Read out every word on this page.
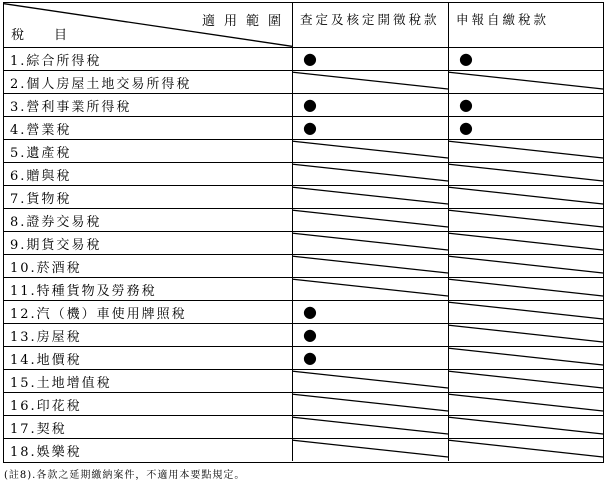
適用範圍
稅目
查定及核定開徵稅款	申報自繳稅款
1.綜合所得稅	●	●
2.個人房屋土地交易所得稅
3.營利事業所得稅	●	●
4.營業稅	●	●
5.遺產稅
6.贈與稅
7.貨物稅
8.證券交易稅
9.期貨交易稅
10.菸酒稅
11.特種貨物及勞務稅
12.汽（機）車使用牌照稅	●
13.房屋稅	●
14.地價稅	●
15.土地增值稅
16.印花稅
17.契稅
18.娛樂稅
(註8).各款之延期繳納案件，不適用本要點規定。
